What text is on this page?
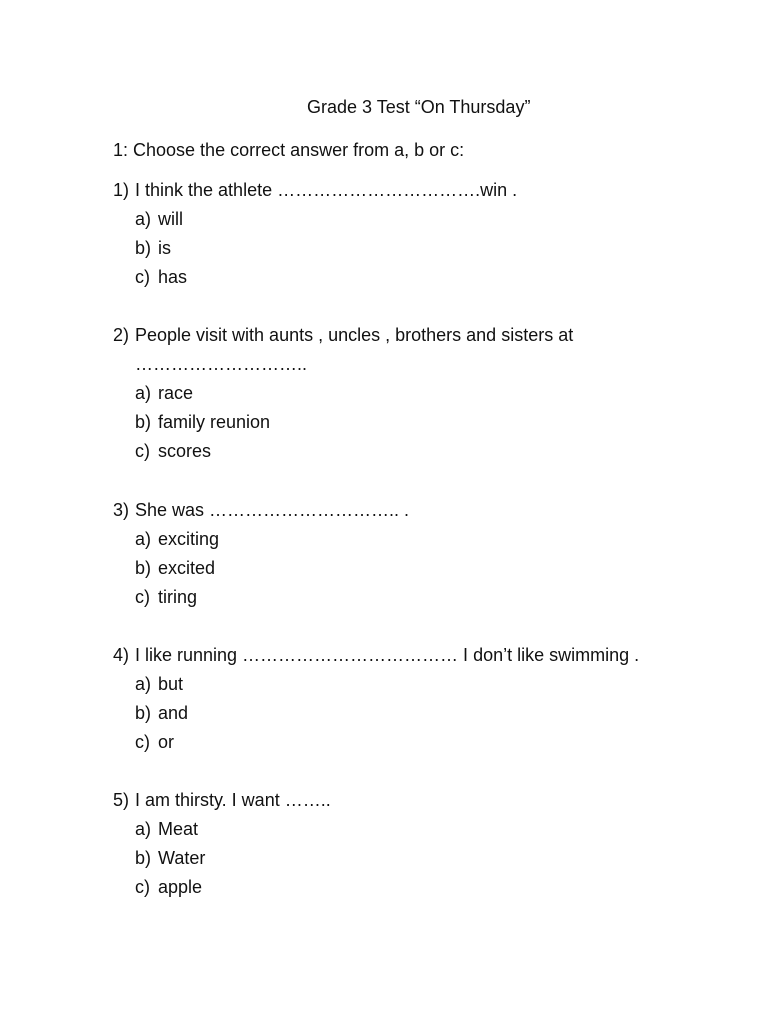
Grade 3 Test “On Thursday”
1: Choose the correct answer from a, b or c:
1) I think the athlete …………………………….win .
a) will
b) is
c) has
2) People visit with aunts , uncles , brothers and sisters at
………………………..
a) race
b) family reunion
c) scores
3) She was ………………………….. .
a) exciting
b) excited
c) tiring
4) I like running ……………………………… I don’t like swimming .
a) but
b) and
c) or
5) I am thirsty. I want ……..
a) Meat
b) Water
c) apple
